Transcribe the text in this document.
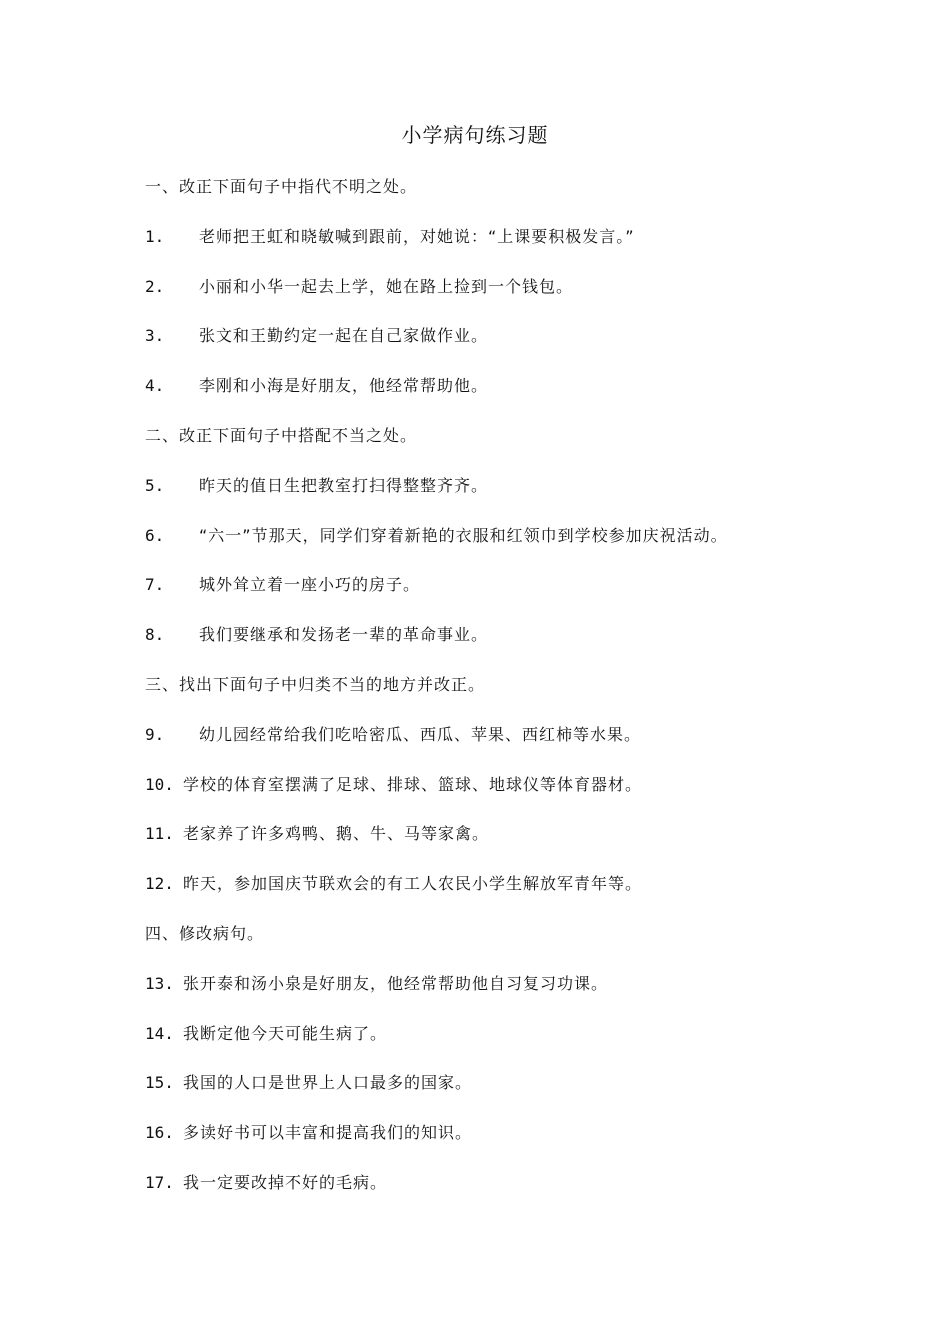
小学病句练习题
一、改正下面句子中指代不明之处。
1.	老师把王虹和晓敏喊到跟前，对她说：“上课要积极发言。”
2.	小丽和小华一起去上学，她在路上捡到一个钱包。
3.	张文和王勤约定一起在自己家做作业。
4.	李刚和小海是好朋友，他经常帮助他。
二、改正下面句子中搭配不当之处。
5.	昨天的值日生把教室打扫得整整齐齐。
6.	“六一”节那天，同学们穿着新艳的衣服和红领巾到学校参加庆祝活动。
7.	城外耸立着一座小巧的房子。
8.	我们要继承和发扬老一辈的革命事业。
三、找出下面句子中归类不当的地方并改正。
9.	幼儿园经常给我们吃哈密瓜、西瓜、苹果、西红柿等水果。
10. 学校的体育室摆满了足球、排球、篮球、地球仪等体育器材。
11. 老家养了许多鸡鸭、鹅、牛、马等家禽。
12. 昨天，参加国庆节联欢会的有工人农民小学生解放军青年等。
四、修改病句。
13. 张开泰和汤小泉是好朋友，他经常帮助他自习复习功课。
14. 我断定他今天可能生病了。
15. 我国的人口是世界上人口最多的国家。
16. 多读好书可以丰富和提高我们的知识。
17. 我一定要改掉不好的毛病。
